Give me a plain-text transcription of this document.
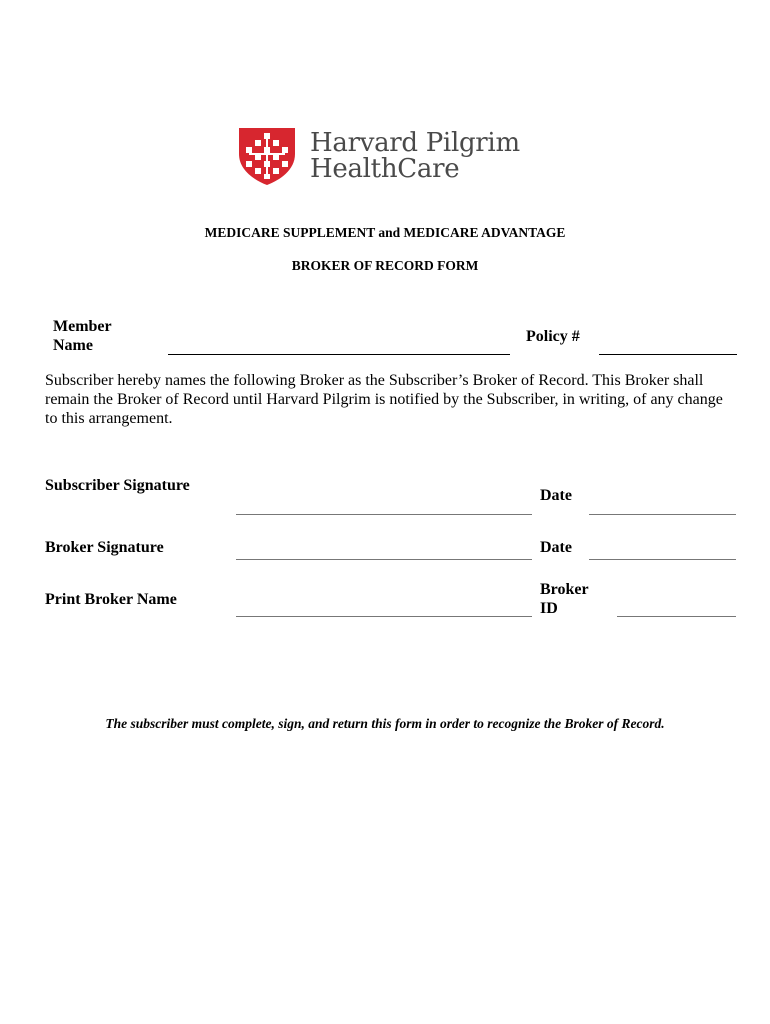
Harvard Pilgrim
HealthCare
MEDICARE SUPPLEMENT and MEDICARE ADVANTAGE
BROKER OF RECORD FORM
Member
Name
Policy #
Subscriber hereby names the following Broker as the Subscriber’s Broker of Record. This Broker shall remain the Broker of Record until Harvard Pilgrim is notified by the Subscriber, in writing, of any change to this arrangement.
Subscriber Signature
Date
Broker Signature	Date
Print Broker Name
Broker
ID
The subscriber must complete, sign, and return this form in order to recognize the Broker of Record.
